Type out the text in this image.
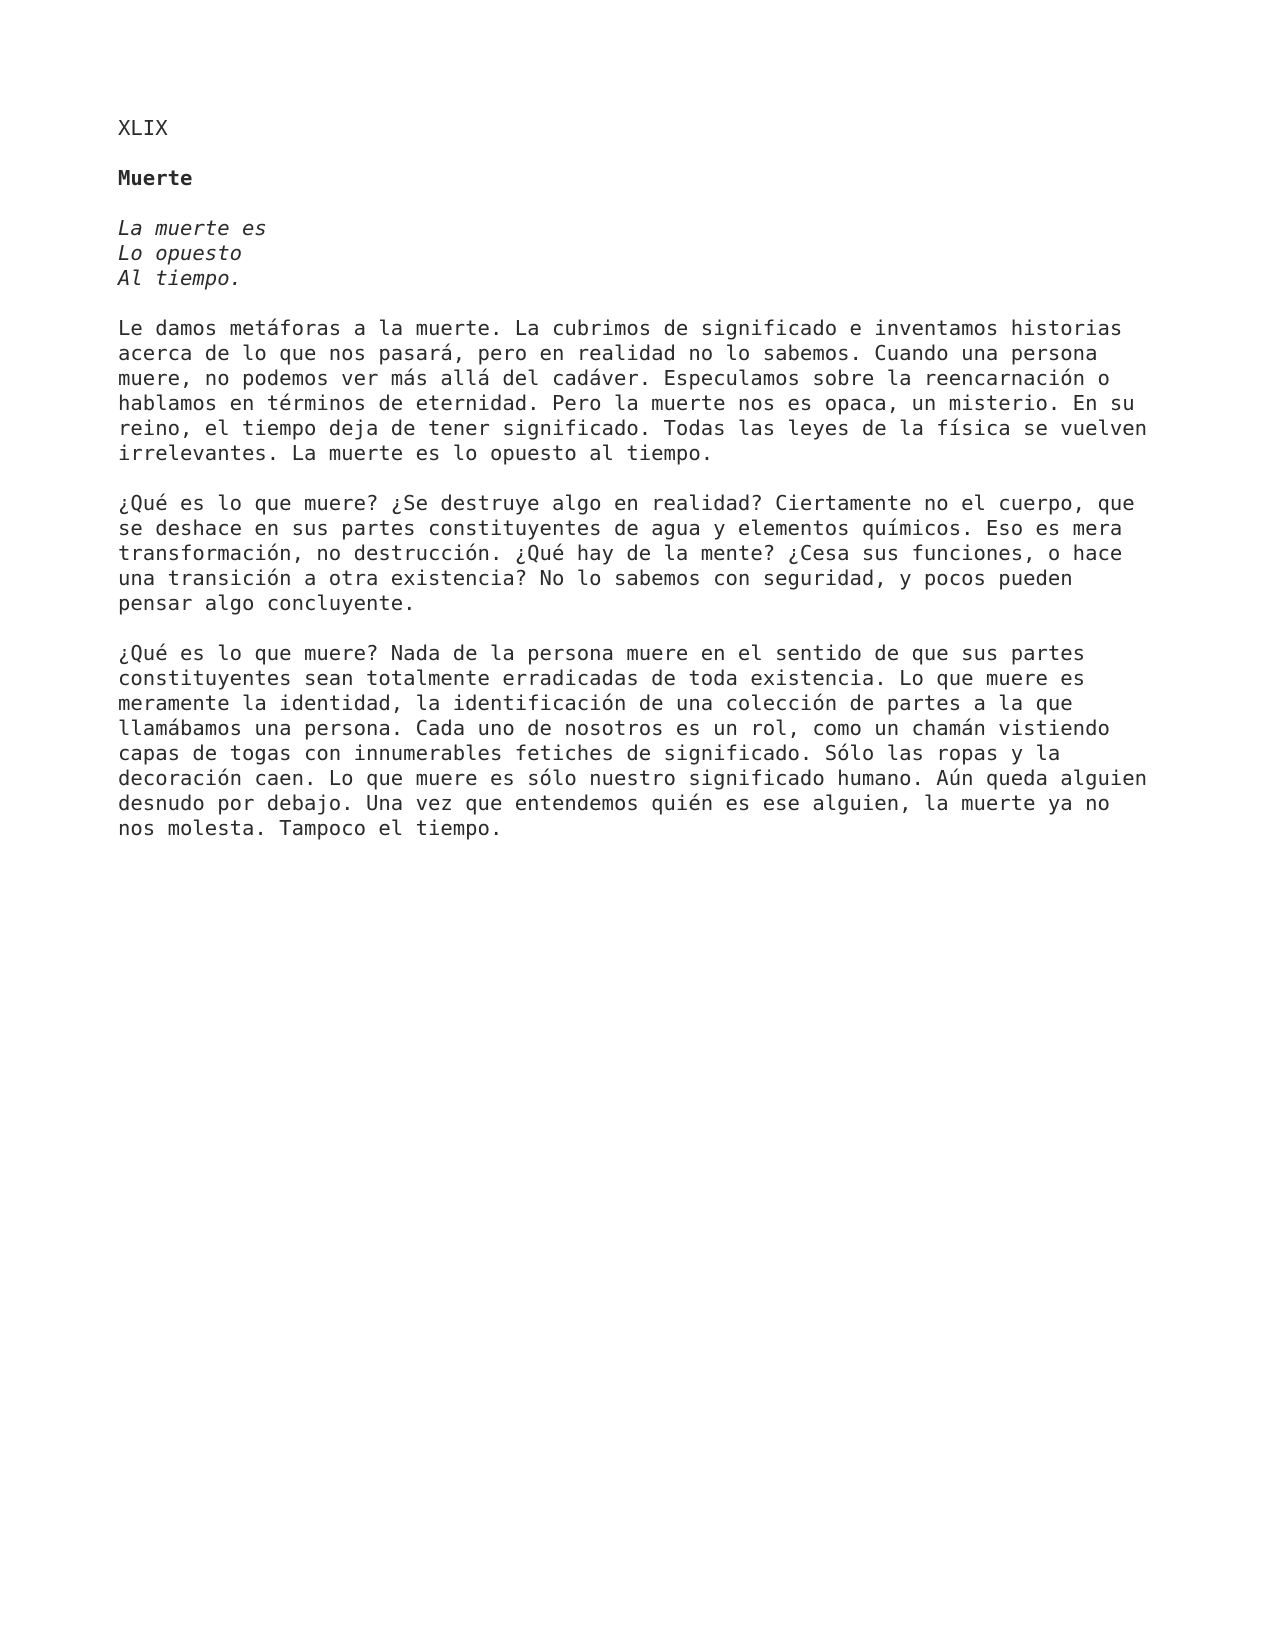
XLIX
Muerte
La muerte es
Lo opuesto
Al tiempo.
Le damos metáforas a la muerte. La cubrimos de significado e inventamos historias
acerca de lo que nos pasará, pero en realidad no lo sabemos. Cuando una persona
muere, no podemos ver más allá del cadáver. Especulamos sobre la reencarnación o
hablamos en términos de eternidad. Pero la muerte nos es opaca, un misterio. En su
reino, el tiempo deja de tener significado. Todas las leyes de la física se vuelven
irrelevantes. La muerte es lo opuesto al tiempo.
¿Qué es lo que muere? ¿Se destruye algo en realidad? Ciertamente no el cuerpo, que
se deshace en sus partes constituyentes de agua y elementos químicos. Eso es mera
transformación, no destrucción. ¿Qué hay de la mente? ¿Cesa sus funciones, o hace
una transición a otra existencia? No lo sabemos con seguridad, y pocos pueden
pensar algo concluyente.
¿Qué es lo que muere? Nada de la persona muere en el sentido de que sus partes
constituyentes sean totalmente erradicadas de toda existencia. Lo que muere es
meramente la identidad, la identificación de una colección de partes a la que
llamábamos una persona. Cada uno de nosotros es un rol, como un chamán vistiendo
capas de togas con innumerables fetiches de significado. Sólo las ropas y la
decoración caen. Lo que muere es sólo nuestro significado humano. Aún queda alguien
desnudo por debajo. Una vez que entendemos quién es ese alguien, la muerte ya no
nos molesta. Tampoco el tiempo.
